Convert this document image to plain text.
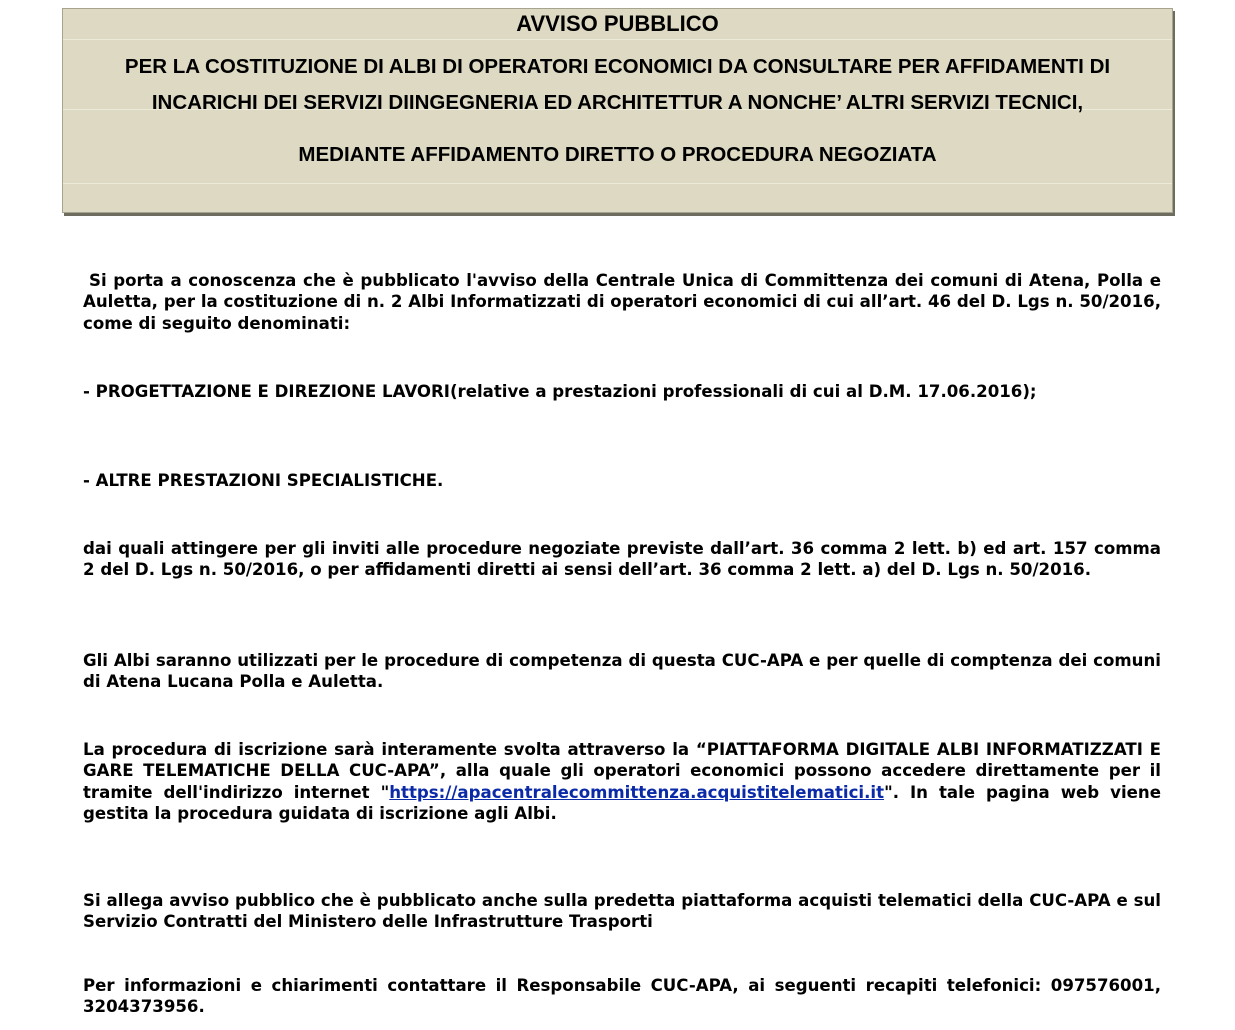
AVVISO PUBBLICO
PER LA COSTITUZIONE DI ALBI DI OPERATORI ECONOMICI DA CONSULTARE PER AFFIDAMENTI DI
INCARICHI DEI SERVIZI DIINGEGNERIA ED ARCHITETTUR A NONCHE’ ALTRI SERVIZI TECNICI,
MEDIANTE AFFIDAMENTO DIRETTO O PROCEDURA NEGOZIATA

Si porta a conoscenza che è pubblicato l'avviso della Centrale Unica di Committenza dei comuni di Atena, Polla e Auletta, per la costituzione di n. 2 Albi Informatizzati di operatori economici di cui all’art. 46 del D. Lgs n. 50/2016, come di seguito denominati:

- PROGETTAZIONE E DIREZIONE LAVORI(relative a prestazioni professionali di cui al D.M. 17.06.2016);

- ALTRE PRESTAZIONI SPECIALISTICHE.

dai quali attingere per gli inviti alle procedure negoziate previste dall’art. 36 comma 2 lett. b) ed art. 157 comma 2 del D. Lgs n. 50/2016, o per affidamenti diretti ai sensi dell’art. 36 comma 2 lett. a) del D. Lgs n. 50/2016.

Gli Albi saranno utilizzati per le procedure di competenza di questa CUC-APA e per quelle di comptenza dei comuni di Atena Lucana Polla e Auletta.

La procedura di iscrizione sarà interamente svolta attraverso la “PIATTAFORMA DIGITALE ALBI INFORMATIZZATI E GARE TELEMATICHE DELLA CUC-APA”, alla quale gli operatori economici possono accedere direttamente per il tramite dell'indirizzo internet "https://apacentralecommittenza.acquistitelematici.it". In tale pagina web viene gestita la procedura guidata di iscrizione agli Albi.

Si allega avviso pubblico che è pubblicato anche sulla predetta piattaforma acquisti telematici della CUC-APA e sul Servizio Contratti del Ministero delle Infrastrutture Trasporti

Per informazioni e chiarimenti contattare il Responsabile CUC-APA, ai seguenti recapiti telefonici: 097576001, 3204373956.
